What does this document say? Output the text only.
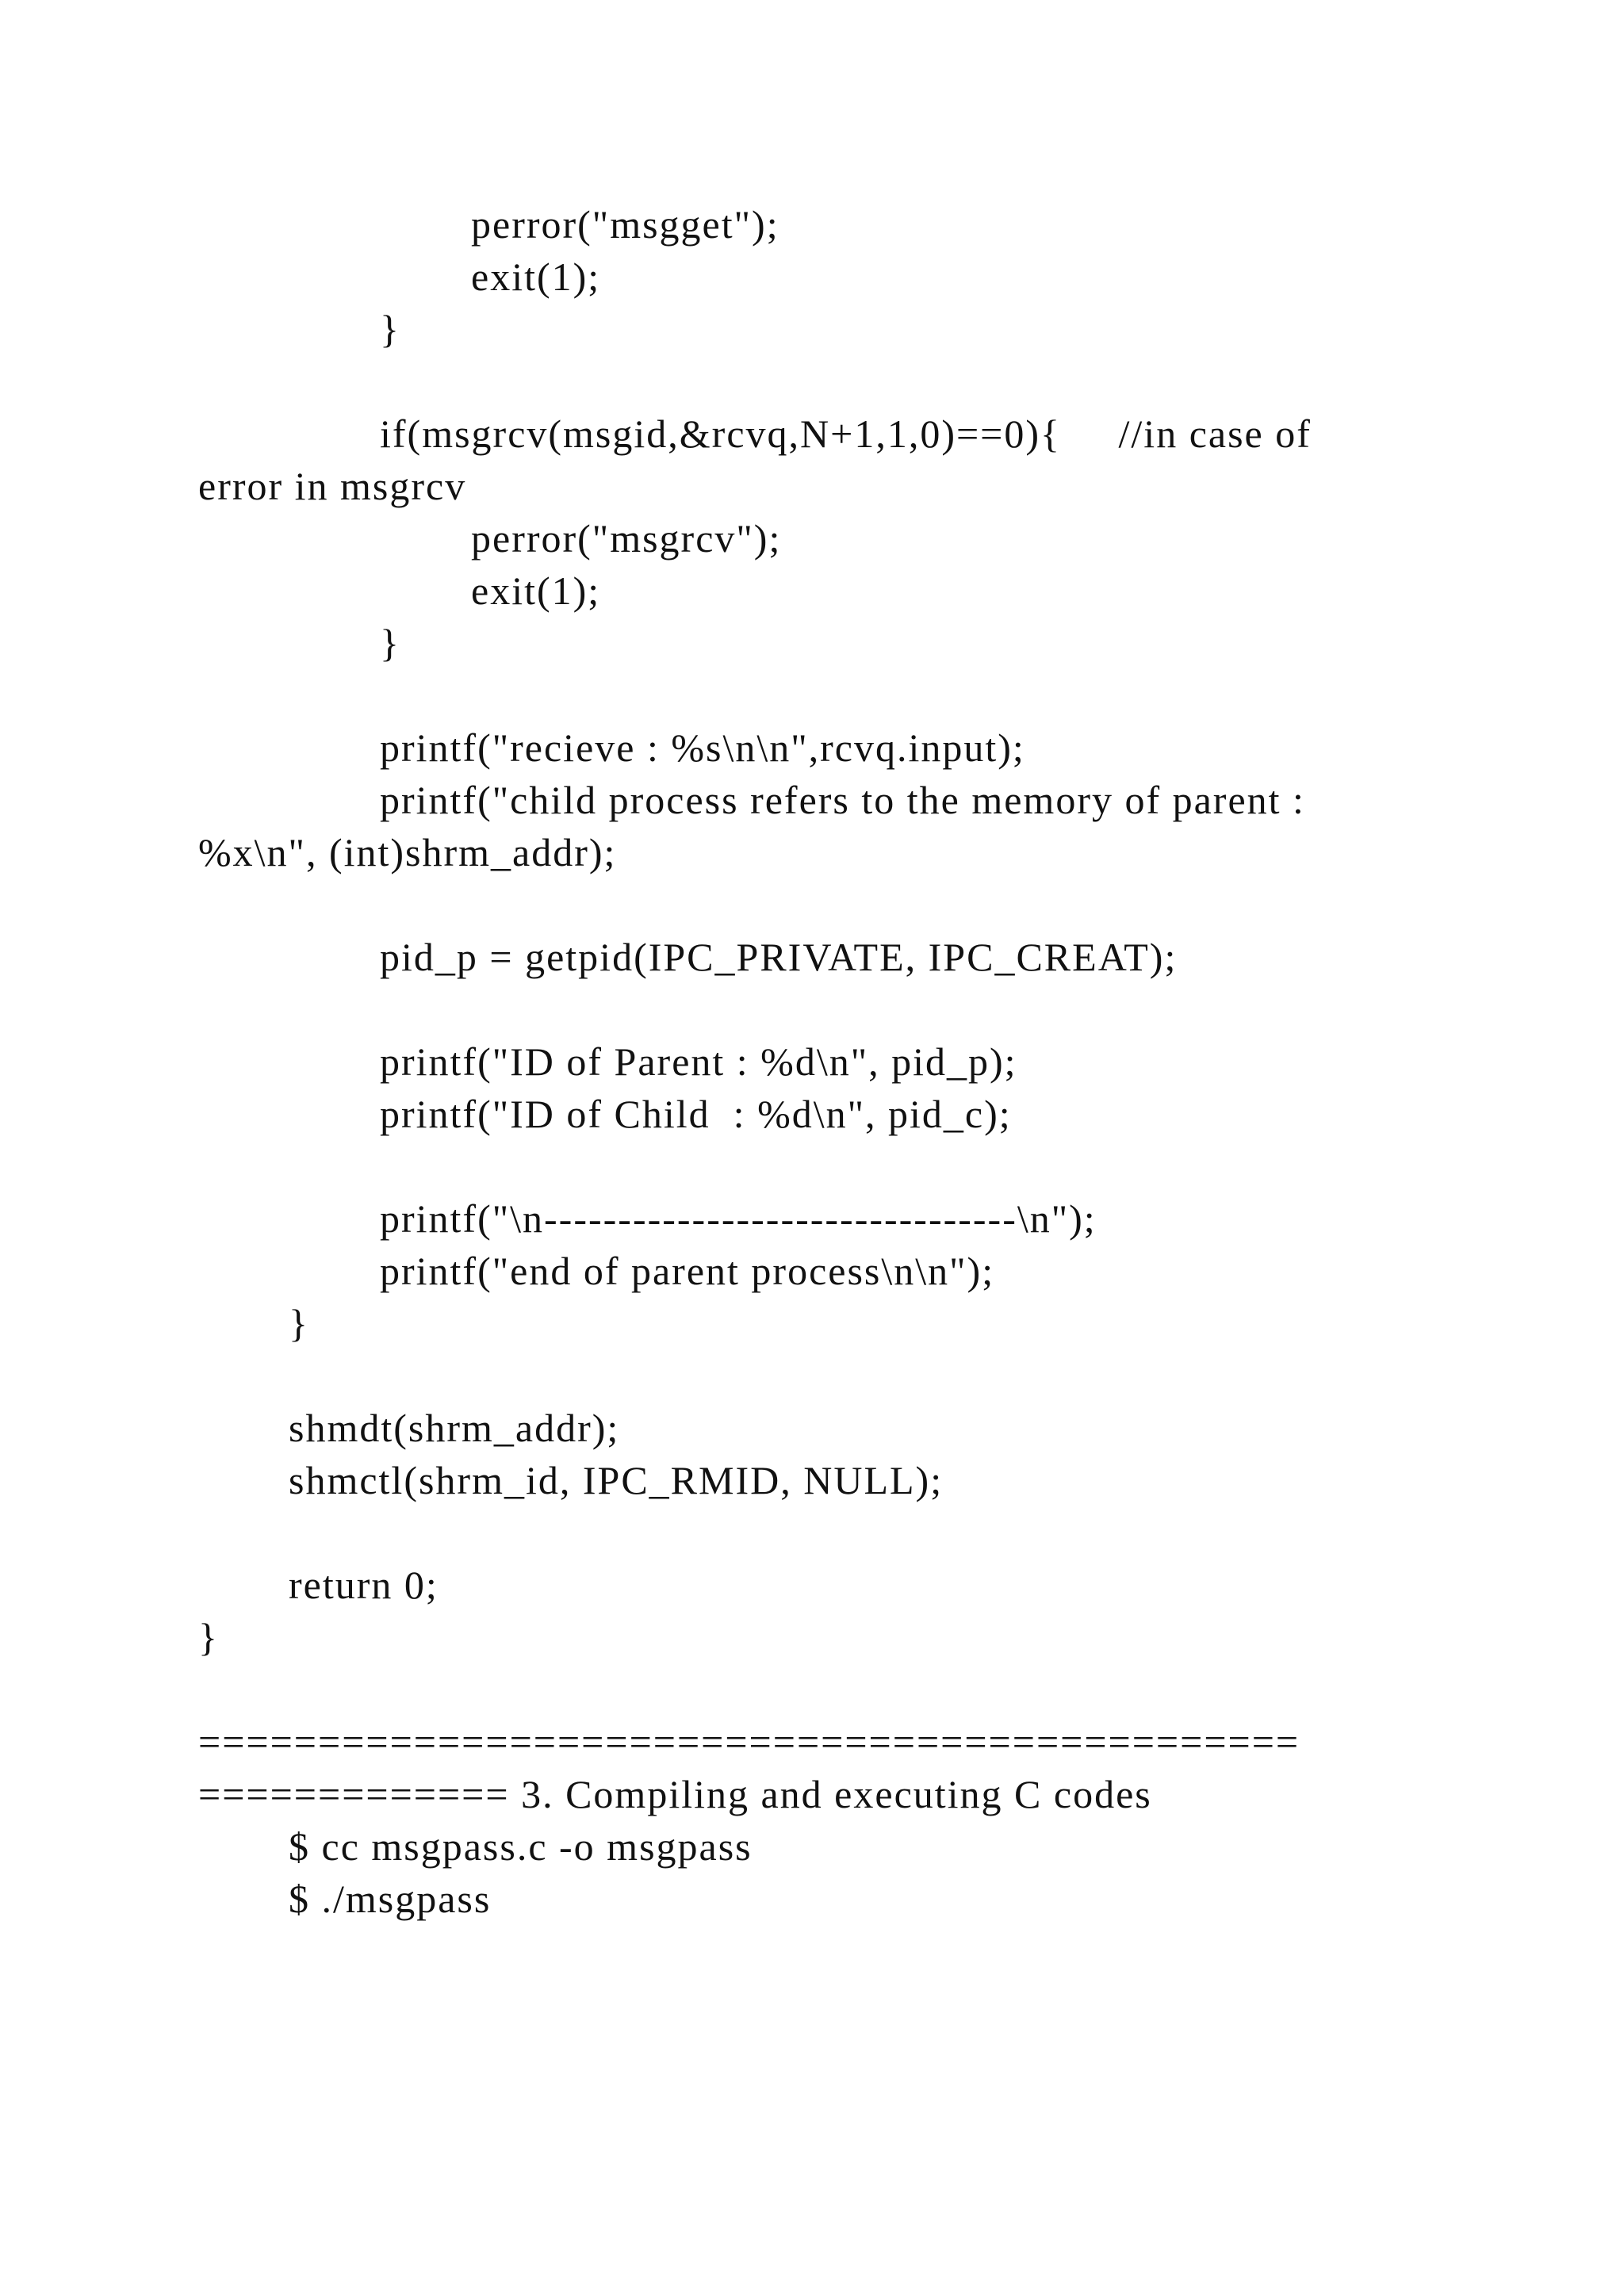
perror("msgget");

exit(1);

}

if(msgrcv(msgid,&rcvq,N+1,1,0)==0){     //in case of

error in msgrcv

perror("msgrcv");

exit(1);

}

printf("recieve : %s\n\n",rcvq.input);

printf("child process refers to the memory of parent :

%x\n", (int)shrm_addr);

pid_p = getpid(IPC_PRIVATE, IPC_CREAT);

printf("ID of Parent : %d\n", pid_p);

printf("ID of Child  : %d\n", pid_c);

printf("\n--------------------------------\n");

printf("end of parent process\n\n");

}

shmdt(shrm_addr);

shmctl(shrm_id, IPC_RMID, NULL);

return 0;

}

==============================================

============= 3. Compiling and executing C codes

$ cc msgpass.c -o msgpass

$ ./msgpass
